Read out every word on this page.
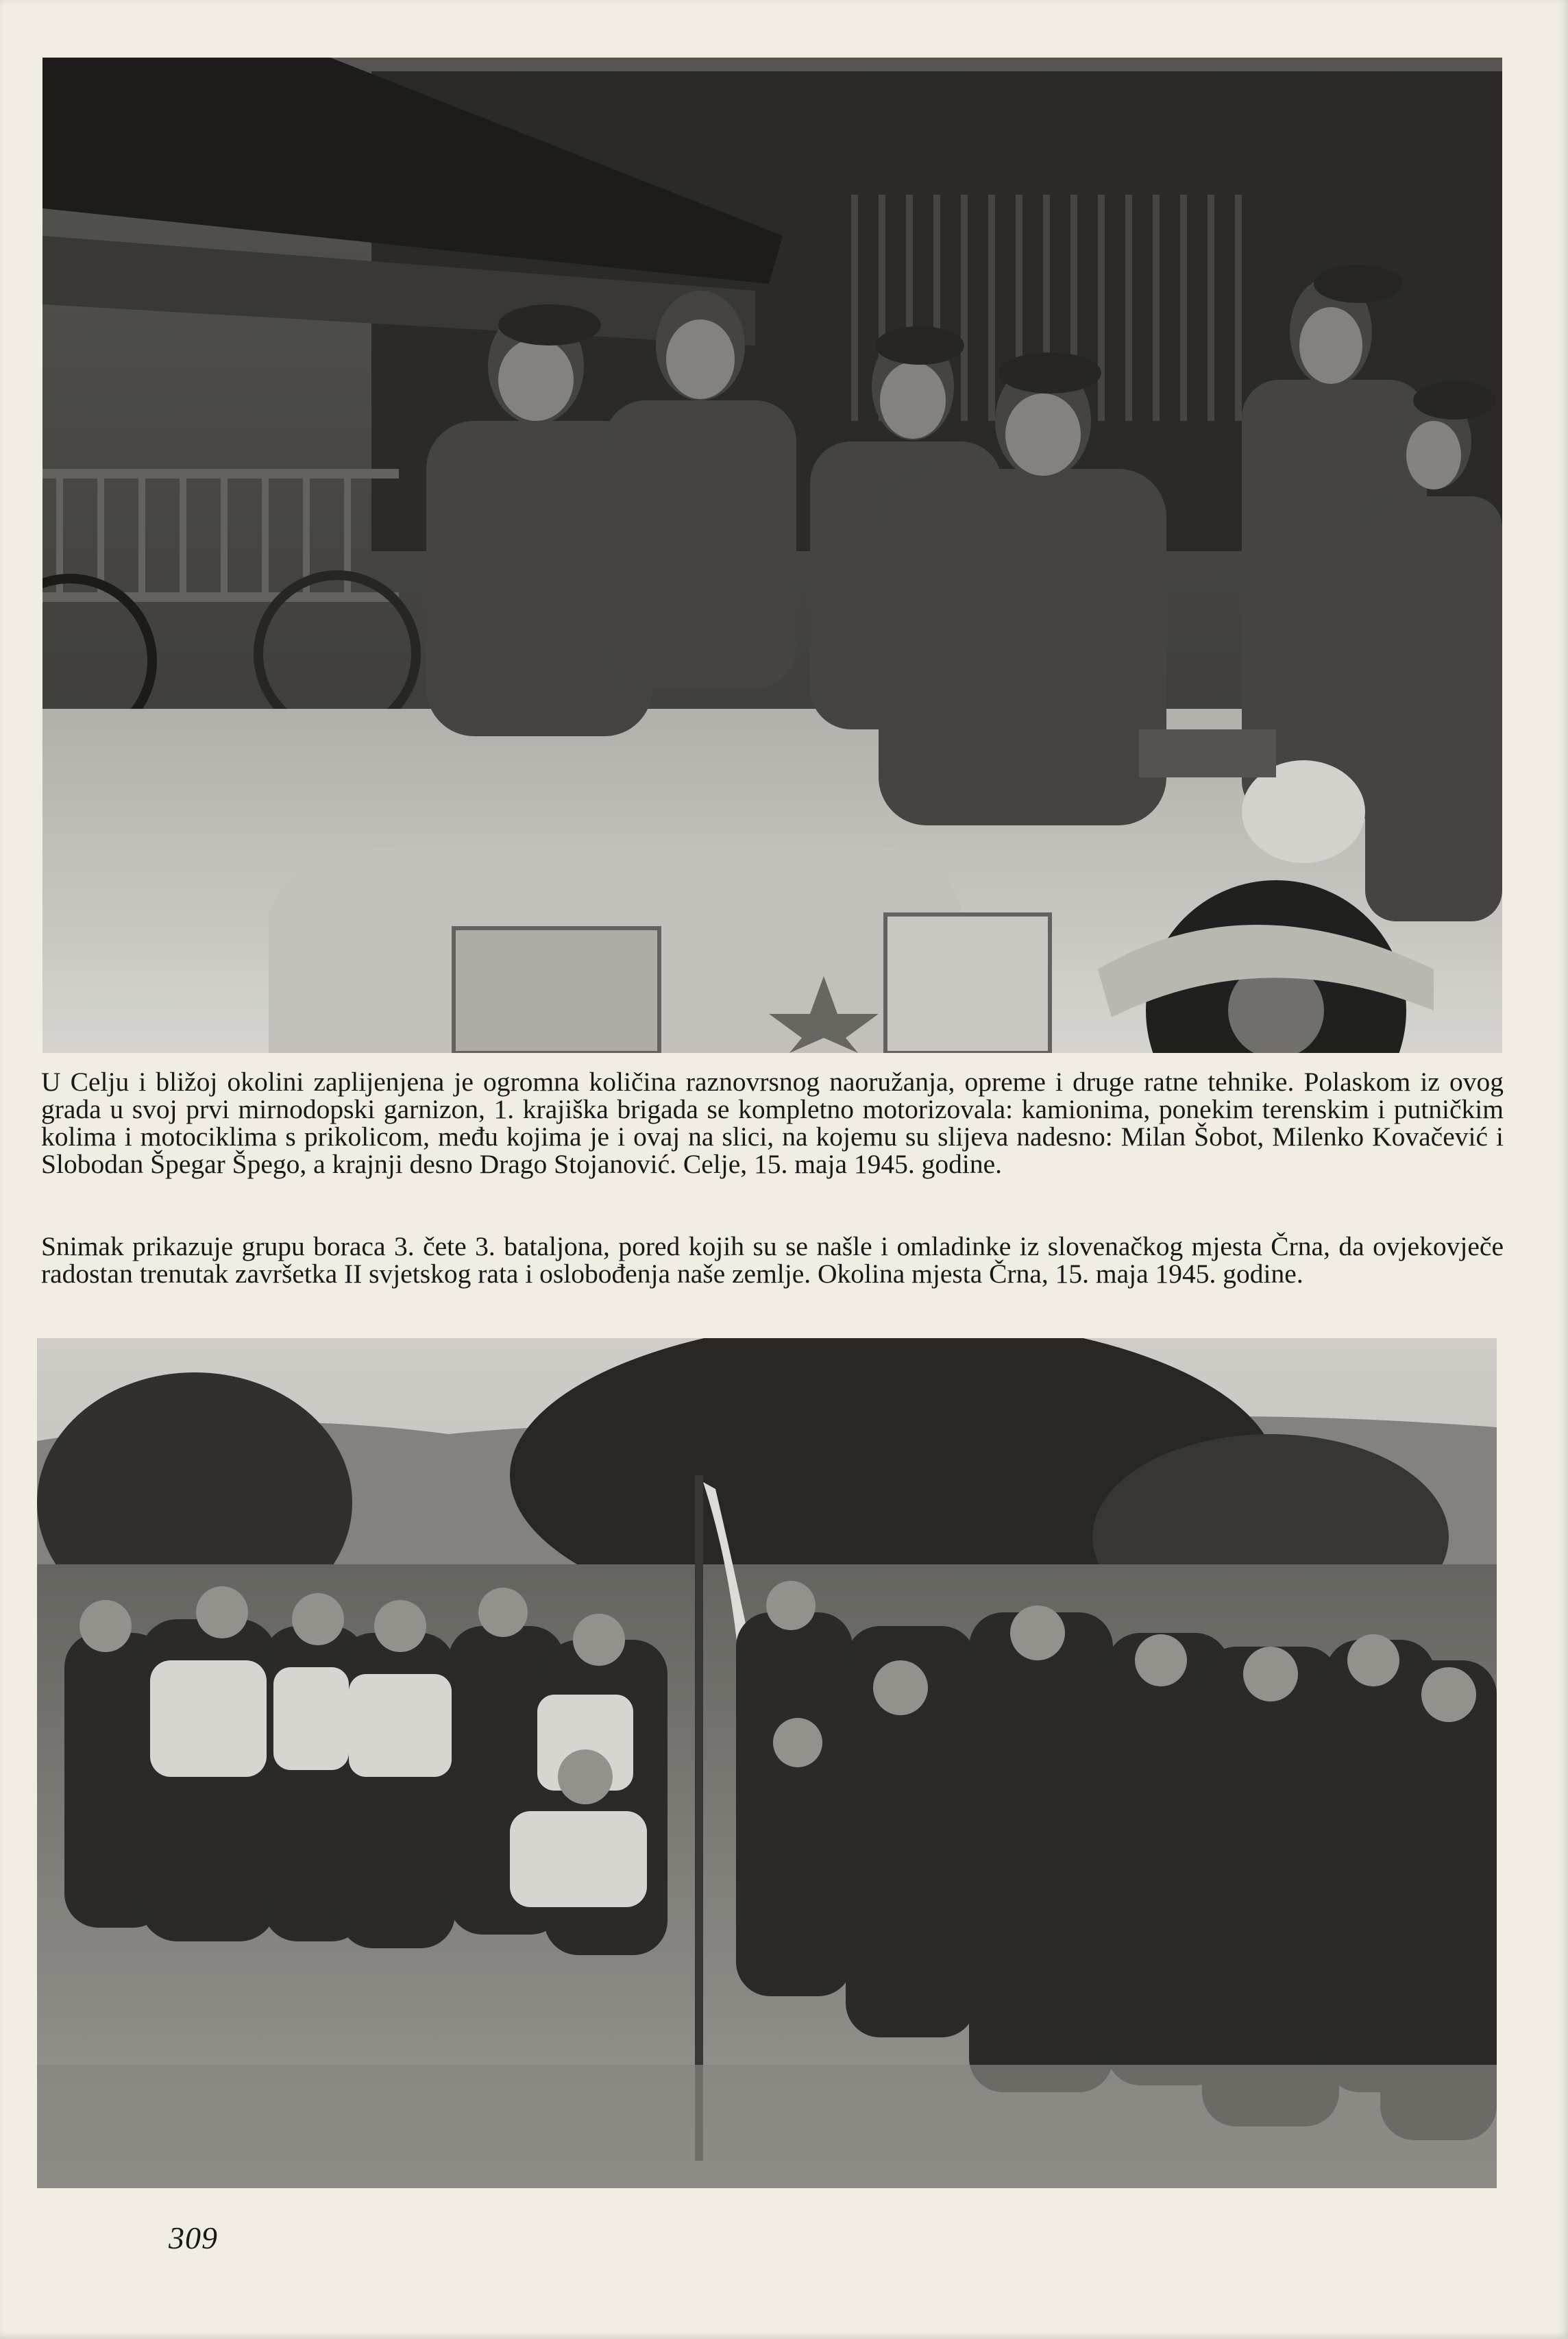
U Celju i bližoj okolini zaplijenjena je ogromna količina raznovrsnog naoružanja, opreme i druge ratne tehnike. Polaskom iz ovog grada u svoj prvi mirnodopski garnizon, 1. krajiška brigada se kompletno motorizovala: kamionima, ponekim terenskim i putničkim kolima i motociklima s prikolicom, među kojima je i ovaj na slici, na kojemu su slijeva nadesno: Milan Šobot, Milenko Kovačević i Slobodan Špegar Špego, a krajnji desno Drago Stojanović. Celje, 15. maja 1945. godine.

Snimak prikazuje grupu boraca 3. čete 3. bataljona, pored kojih su se našle i omladinke iz slovenačkog mjesta Črna, da ovjekovječe radostan trenutak završetka II svjetskog rata i oslobođenja naše zemlje. Okolina mjesta Črna, 15. maja 1945. godine.

309
